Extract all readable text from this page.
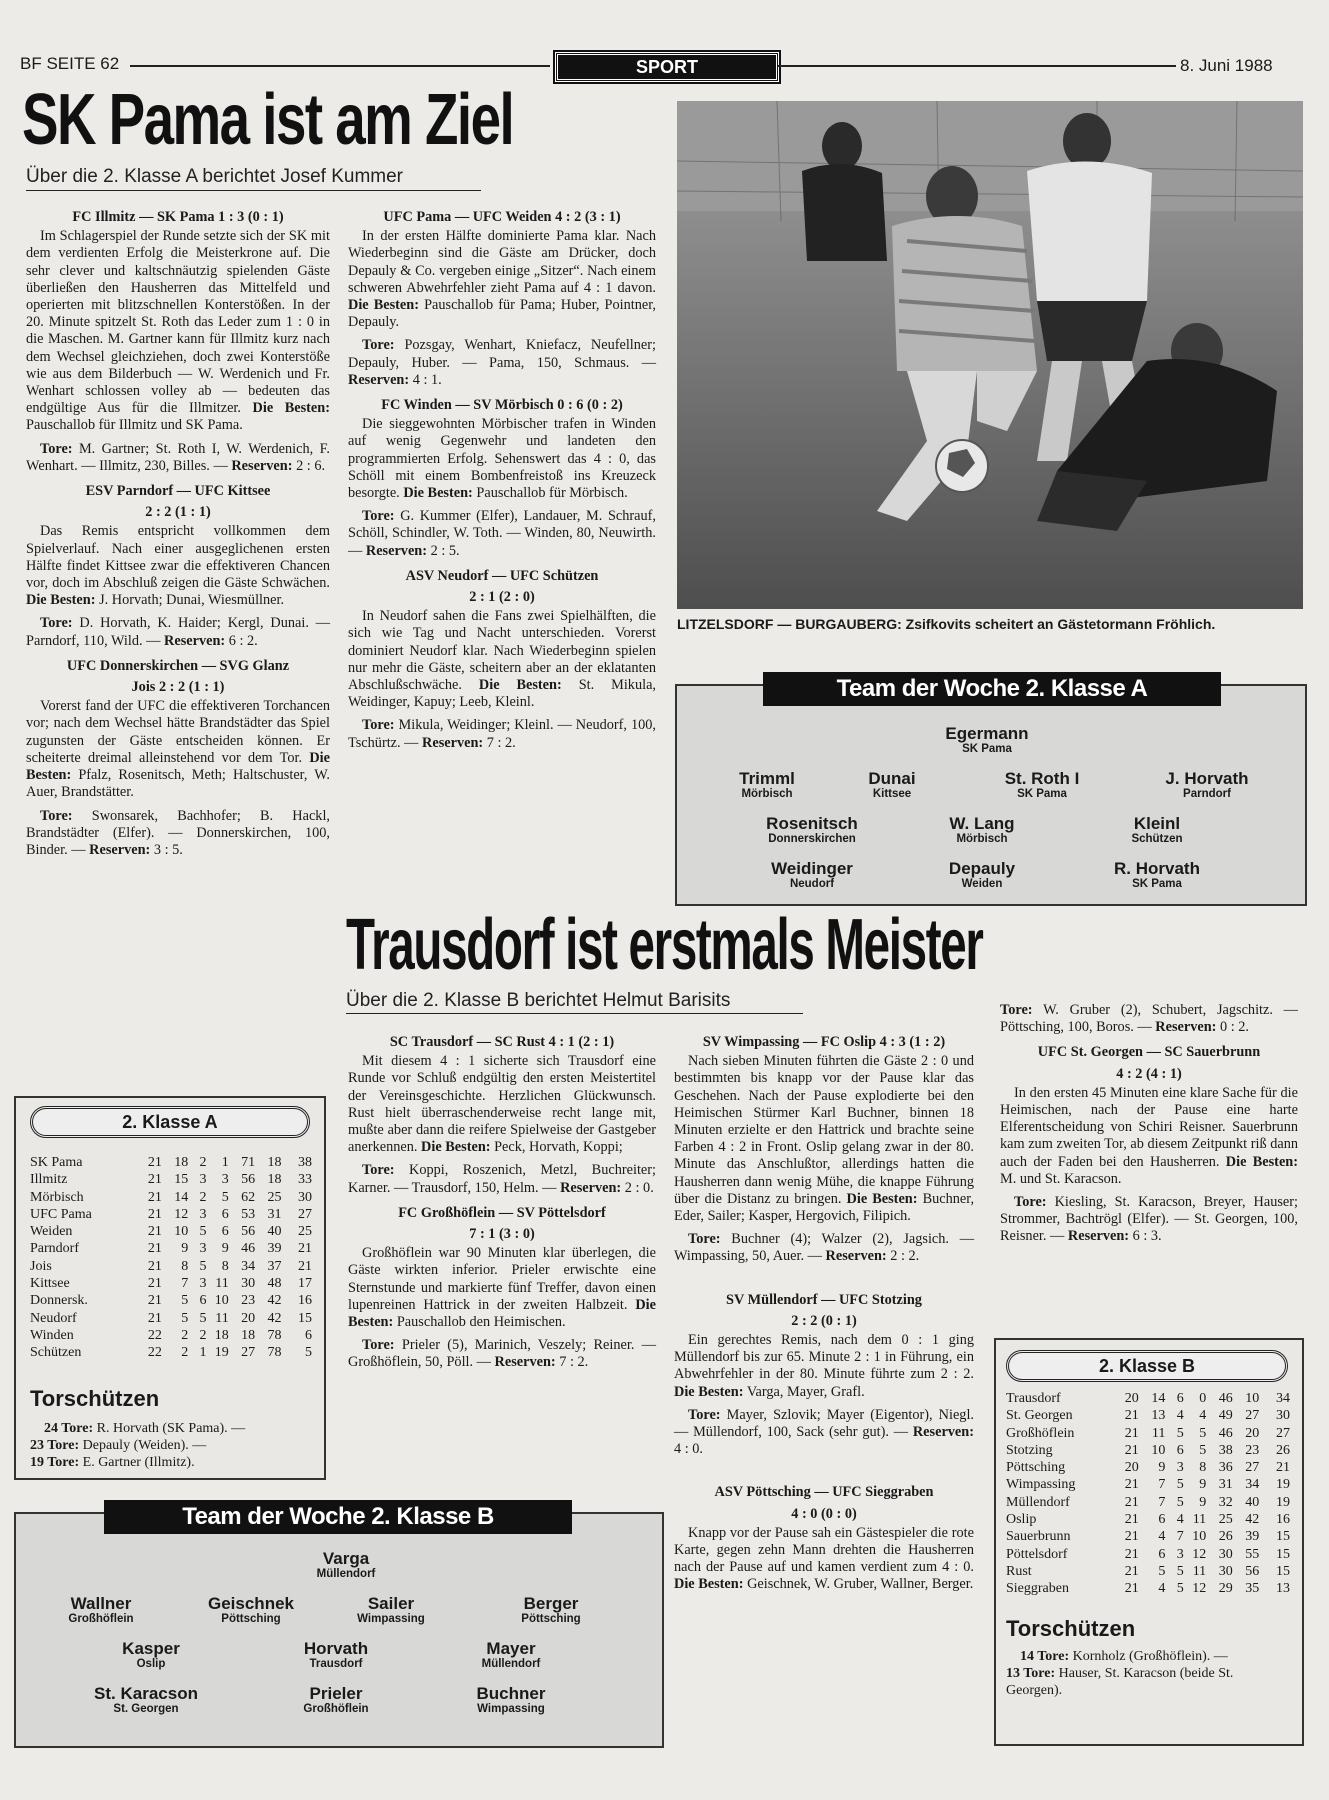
BF SEITE 62	SPORT	8. Juni 1988
SK Pama ist am Ziel
Über die 2. Klasse A berichtet Josef Kummer
FC Illmitz — SK Pama 1 : 3 (0 : 1)

Im Schlagerspiel der Runde setzte sich der SK mit dem verdienten Erfolg die Meisterkrone auf. Die sehr clever und kaltschnäutzig spielenden Gäste überließen den Hausherren das Mittelfeld und operierten mit blitzschnellen Konterstößen. In der 20. Minute spitzelt St. Roth das Leder zum 1 : 0 in die Maschen. M. Gartner kann für Illmitz kurz nach dem Wechsel gleichziehen, doch zwei Konterstöße wie aus dem Bilderbuch — W. Werdenich und Fr. Wenhart schlossen volley ab — bedeuten das endgültige Aus für die Illmitzer. Die Besten: Pauschallob für Illmitz und SK Pama.

Tore: M. Gartner; St. Roth I, W. Werdenich, F. Wenhart. — Illmitz, 230, Billes. — Reserven: 2 : 6.
ESV Parndorf — UFC Kittsee
2 : 2 (1 : 1)

Das Remis entspricht vollkommen dem Spielverlauf. Nach einer ausgeglichenen ersten Hälfte findet Kittsee zwar die effektiveren Chancen vor, doch im Abschluß zeigen die Gäste Schwächen. Die Besten: J. Horvath; Dunai, Wiesmüllner.

Tore: D. Horvath, K. Haider; Kergl, Dunai. — Parndorf, 110, Wild. — Reserven: 6 : 2.
UFC Donnerskirchen — SVG Glanz
Jois 2 : 2 (1 : 1)

Vorerst fand der UFC die effektiveren Torchancen vor; nach dem Wechsel hätte Brandstädter das Spiel zugunsten der Gäste entscheiden können. Er scheiterte dreimal alleinstehend vor dem Tor. Die Besten: Pfalz, Rosenitsch, Meth; Haltschuster, W. Auer, Brandstätter.

Tore: Swonsarek, Bachhofer; B. Hackl, Brandstädter (Elfer). — Donnerskirchen, 100, Binder. — Reserven: 3 : 5.
UFC Pama — UFC Weiden 4 : 2 (3 : 1)

In der ersten Hälfte dominierte Pama klar. Nach Wiederbeginn sind die Gäste am Drücker, doch Depauly & Co. vergeben einige „Sitzer“. Nach einem schweren Abwehrfehler zieht Pama auf 4 : 1 davon. Die Besten: Pauschallob für Pama; Huber, Pointner, Depauly.

Tore: Pozsgay, Wenhart, Kniefacz, Neufellner; Depauly, Huber. — Pama, 150, Schmaus. — Reserven: 4 : 1.
FC Winden — SV Mörbisch 0 : 6 (0 : 2)

Die sieggewohnten Mörbischer trafen in Winden auf wenig Gegenwehr und landeten den programmierten Erfolg. Sehenswert das 4 : 0, das Schöll mit einem Bombenfreistoß ins Kreuzeck besorgte. Die Besten: Pauschallob für Mörbisch.

Tore: G. Kummer (Elfer), Landauer, M. Schrauf, Schöll, Schindler, W. Toth. — Winden, 80, Neuwirth. — Reserven: 2 : 5.
ASV Neudorf — UFC Schützen
2 : 1 (2 : 0)

In Neudorf sahen die Fans zwei Spielhälften, die sich wie Tag und Nacht unterschieden. Vorerst dominiert Neudorf klar. Nach Wiederbeginn spielen nur mehr die Gäste, scheitern aber an der eklatanten Abschlußschwäche. Die Besten: St. Mikula, Weidinger, Kapuy; Leeb, Kleinl.

Tore: Mikula, Weidinger; Kleinl. — Neudorf, 100, Tschürtz. — Reserven: 7 : 2.
LITZELSDORF — BURGAUBERG: Zsifkovits scheitert an Gästetormann Fröhlich.
Team der Woche 2. Klasse A
Egermann
SK Pama
Trimml
Mörbisch
Dunai
Kittsee
St. Roth I
SK Pama
J. Horvath
Parndorf
Rosenitsch
Donnerskirchen
W. Lang
Mörbisch
Kleinl
Schützen
Weidinger
Neudorf
Depauly
Weiden
R. Horvath
SK Pama
Trausdorf ist erstmals Meister
Über die 2. Klasse B berichtet Helmut Barisits
2. Klasse A
SK Pama	21	18	2	1	71	18	38
Illmitz	21	15	3	3	56	18	33
Mörbisch	21	14	2	5	62	25	30
UFC Pama	21	12	3	6	53	31	27
Weiden	21	10	5	6	56	40	25
Parndorf	21	9	3	9	46	39	21
Jois	21	8	5	8	34	37	21
Kittsee	21	7	3	11	30	48	17
Donnersk.	21	5	6	10	23	42	16
Neudorf	21	5	5	11	20	42	15
Winden	22	2	2	18	18	78	6
Schützen	22	2	1	19	27	78	5
Torschützen
24 Tore: R. Horvath (SK Pama). —
23 Tore: Depauly (Weiden). —
19 Tore: E. Gartner (Illmitz).
Team der Woche 2. Klasse B
Varga
Müllendorf
Wallner
Großhöflein
Geischnek
Pöttsching
Sailer
Wimpassing
Berger
Pöttsching
Kasper
Oslip
Horvath
Trausdorf
Mayer
Müllendorf
St. Karacson
St. Georgen
Prieler
Großhöflein
Buchner
Wimpassing
SC Trausdorf — SC Rust 4 : 1 (2 : 1)

Mit diesem 4 : 1 sicherte sich Trausdorf eine Runde vor Schluß endgültig den ersten Meistertitel der Vereinsgeschichte. Herzlichen Glückwunsch. Rust hielt überraschenderweise recht lange mit, mußte aber dann die reifere Spielweise der Gastgeber anerkennen. Die Besten: Peck, Horvath, Koppi;

Tore: Koppi, Roszenich, Metzl, Buchreiter; Karner. — Trausdorf, 150, Helm. — Reserven: 2 : 0.
FC Großhöflein — SV Pöttelsdorf
7 : 1 (3 : 0)

Großhöflein war 90 Minuten klar überlegen, die Gäste wirkten inferior. Prieler erwischte eine Sternstunde und markierte fünf Treffer, davon einen lupenreinen Hattrick in der zweiten Halbzeit. Die Besten: Pauschallob den Heimischen.

Tore: Prieler (5), Marinich, Veszely; Reiner. — Großhöflein, 50, Pöll. — Reserven: 7 : 2.
SV Wimpassing — FC Oslip 4 : 3 (1 : 2)

Nach sieben Minuten führten die Gäste 2 : 0 und bestimmten bis knapp vor der Pause klar das Geschehen. Nach der Pause explodierte bei den Heimischen Stürmer Karl Buchner, binnen 18 Minuten erzielte er den Hattrick und brachte seine Farben 4 : 2 in Front. Oslip gelang zwar in der 80. Minute das Anschlußtor, allerdings hatten die Hausherren dann wenig Mühe, die knappe Führung über die Distanz zu bringen. Die Besten: Buchner, Eder, Sailer; Kasper, Hergovich, Filipich.

Tore: Buchner (4); Walzer (2), Jagsich. — Wimpassing, 50, Auer. — Reserven: 2 : 2.
SV Müllendorf — UFC Stotzing
2 : 2 (0 : 1)

Ein gerechtes Remis, nach dem 0 : 1 ging Müllendorf bis zur 65. Minute 2 : 1 in Führung, ein Abwehrfehler in der 80. Minute führte zum 2 : 2. Die Besten: Varga, Mayer, Grafl.

Tore: Mayer, Szlovik; Mayer (Eigentor), Niegl. — Müllendorf, 100, Sack (sehr gut). — Reserven: 4 : 0.
ASV Pöttsching — UFC Sieggraben
4 : 0 (0 : 0)

Knapp vor der Pause sah ein Gästespieler die rote Karte, gegen zehn Mann drehten die Hausherren nach der Pause auf und kamen verdient zum 4 : 0. Die Besten: Geischnek, W. Gruber, Wallner, Berger.

Tore: W. Gruber (2), Schubert, Jagschitz. — Pöttsching, 100, Boros. — Reserven: 0 : 2.
UFC St. Georgen — SC Sauerbrunn
4 : 2 (4 : 1)

In den ersten 45 Minuten eine klare Sache für die Heimischen, nach der Pause eine harte Elferentscheidung von Schiri Reisner. Sauerbrunn kam zum zweiten Tor, ab diesem Zeitpunkt riß dann auch der Faden bei den Hausherren. Die Besten: M. und St. Karacson.

Tore: Kiesling, St. Karacson, Breyer, Hauser; Strommer, Bachtrögl (Elfer). — St. Georgen, 100, Reisner. — Reserven: 6 : 3.
2. Klasse B
Trausdorf	20	14	6	0	46	10	34
St. Georgen	21	13	4	4	49	27	30
Großhöflein	21	11	5	5	46	20	27
Stotzing	21	10	6	5	38	23	26
Pöttsching	20	9	3	8	36	27	21
Wimpassing	21	7	5	9	31	34	19
Müllendorf	21	7	5	9	32	40	19
Oslip	21	6	4	11	25	42	16
Sauerbrunn	21	4	7	10	26	39	15
Pöttelsdorf	21	6	3	12	30	55	15
Rust	21	5	5	11	30	56	15
Sieggraben	21	4	5	12	29	35	13
Torschützen
14 Tore: Kornholz (Großhöflein). —
13 Tore: Hauser, St. Karacson (beide St. Georgen).
